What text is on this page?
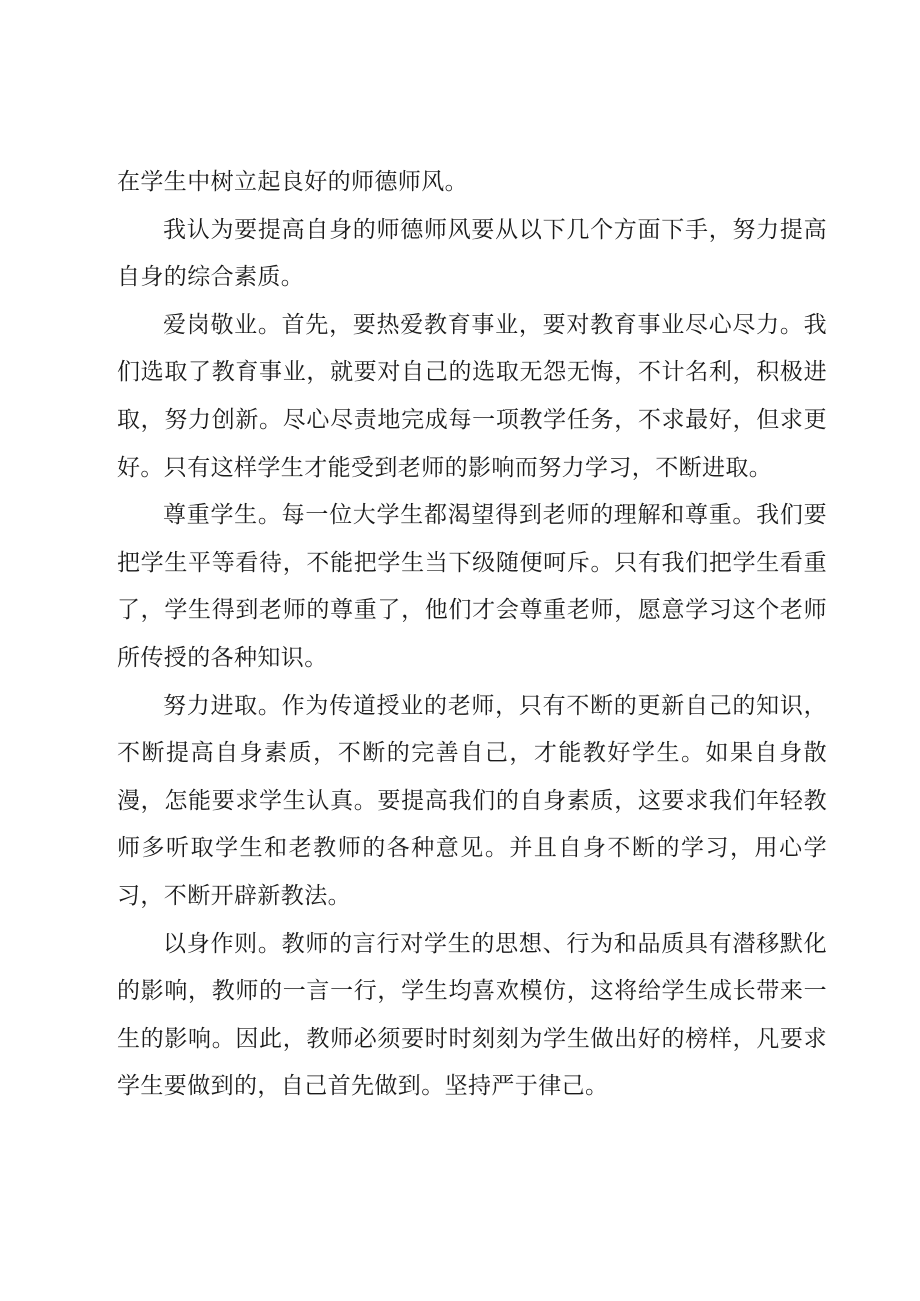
在学生中树立起良好的师德师风。

我认为要提高自身的师德师风要从以下几个方面下手，努力提高自身的综合素质。

爱岗敬业。首先，要热爱教育事业，要对教育事业尽心尽力。我们选取了教育事业，就要对自己的选取无怨无悔，不计名利，积极进取，努力创新。尽心尽责地完成每一项教学任务，不求最好，但求更好。只有这样学生才能受到老师的影响而努力学习，不断进取。

尊重学生。每一位大学生都渴望得到老师的理解和尊重。我们要把学生平等看待，不能把学生当下级随便呵斥。只有我们把学生看重了，学生得到老师的尊重了，他们才会尊重老师，愿意学习这个老师所传授的各种知识。

努力进取。作为传道授业的老师，只有不断的更新自己的知识，不断提高自身素质，不断的完善自己，才能教好学生。如果自身散漫，怎能要求学生认真。要提高我们的自身素质，这要求我们年轻教师多听取学生和老教师的各种意见。并且自身不断的学习，用心学习，不断开辟新教法。

以身作则。教师的言行对学生的思想、行为和品质具有潜移默化的影响，教师的一言一行，学生均喜欢模仿，这将给学生成长带来一生的影响。因此，教师必须要时时刻刻为学生做出好的榜样，凡要求学生要做到的，自己首先做到。坚持严于律己。
